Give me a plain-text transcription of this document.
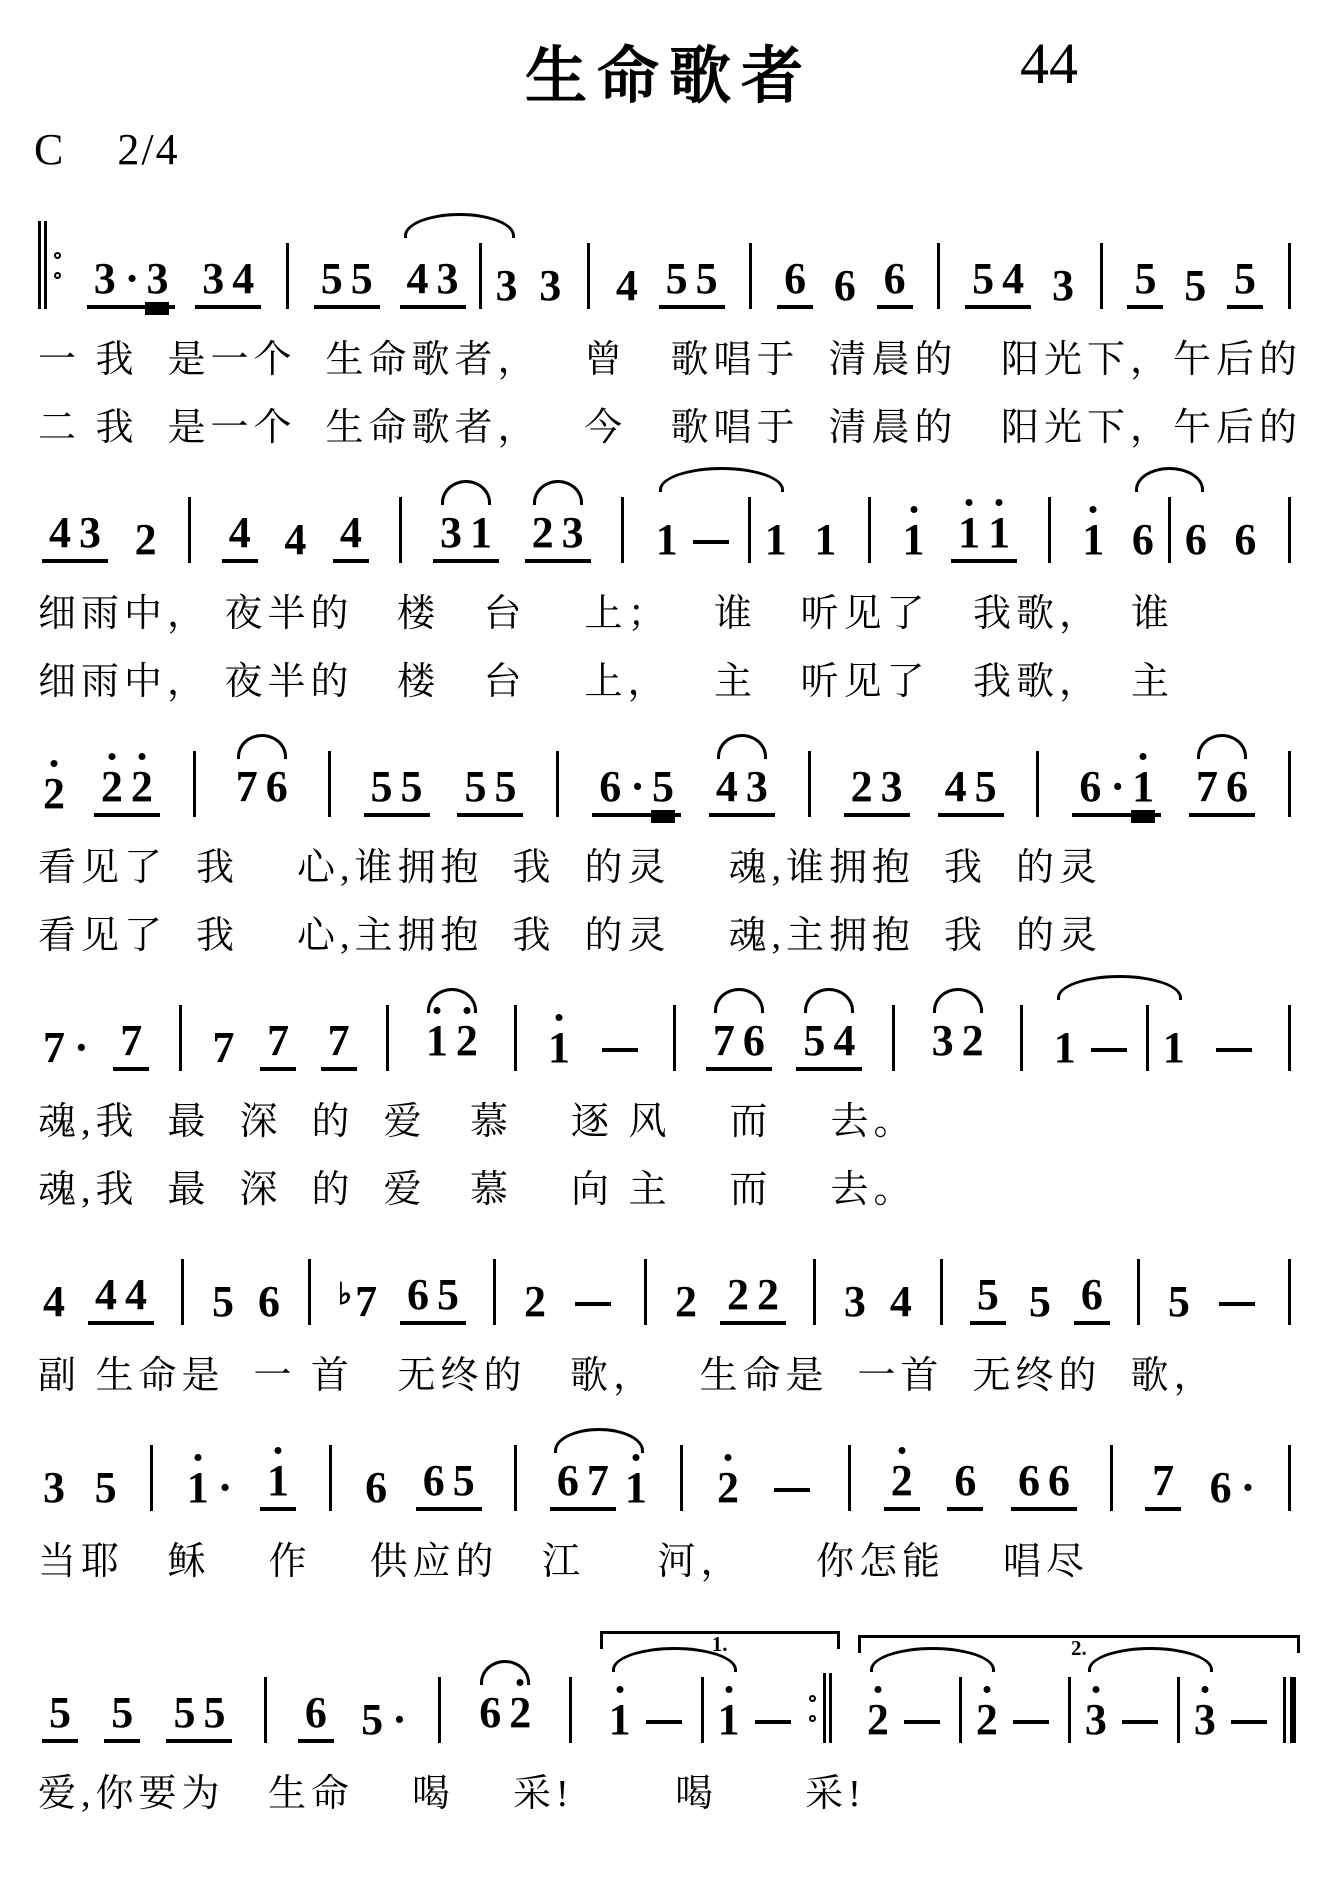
生命歌者	44
C 2/4
3 · 3 3 4 5 5 4 3 3 3 4 5 5 6 6 6 5 4 3 5 5 5
一 我  是一个  生命歌者，   曾   歌唱于  清晨的   阳光下，午后的
二 我  是一个  生命歌者，   今   歌唱于  清晨的   阳光下，午后的
4 3 2 4 4 4 3 1 2 3 1 1 1 1 1 1 1 6 6 6
细雨中， 夜半的   楼   台    上；   谁   听见了   我歌，  谁
细雨中， 夜半的   楼   台    上，   主   听见了   我歌，  主
2 2 2 7 6 5 5 5 5 6 · 5 4 3 2 3 4 5 6 · 1 7 6
看见了  我    心,谁拥抱  我  的灵    魂,谁拥抱  我  的灵
看见了  我    心,主拥抱  我  的灵    魂,主拥抱  我  的灵
7 · 7 7 7 7 1 2 1	7 6 5 4 3 2 1 1
魂,我  最  深  的  爱   慕    逐 风    而    去。
魂,我  最  深  的  爱   慕    向 主    而    去。
4 4 4 5 6 ♭ 7 6 5 2	2 2 2 3 4 5 5 6 5
副 生命是  一 首   无终的   歌，   生命是  一首  无终的  歌，
3 5 1 · 1 6 6 5 6 7 1 2	2 6 6 6 7 6 ·
当耶   稣    作    供应的   江     河，     你怎能    唱尽
5 5 5 5 6 5 · 6 2
1.
1 1
2.
2 2 3 3
爱,你要为   生命    喝    采!       喝      采!
